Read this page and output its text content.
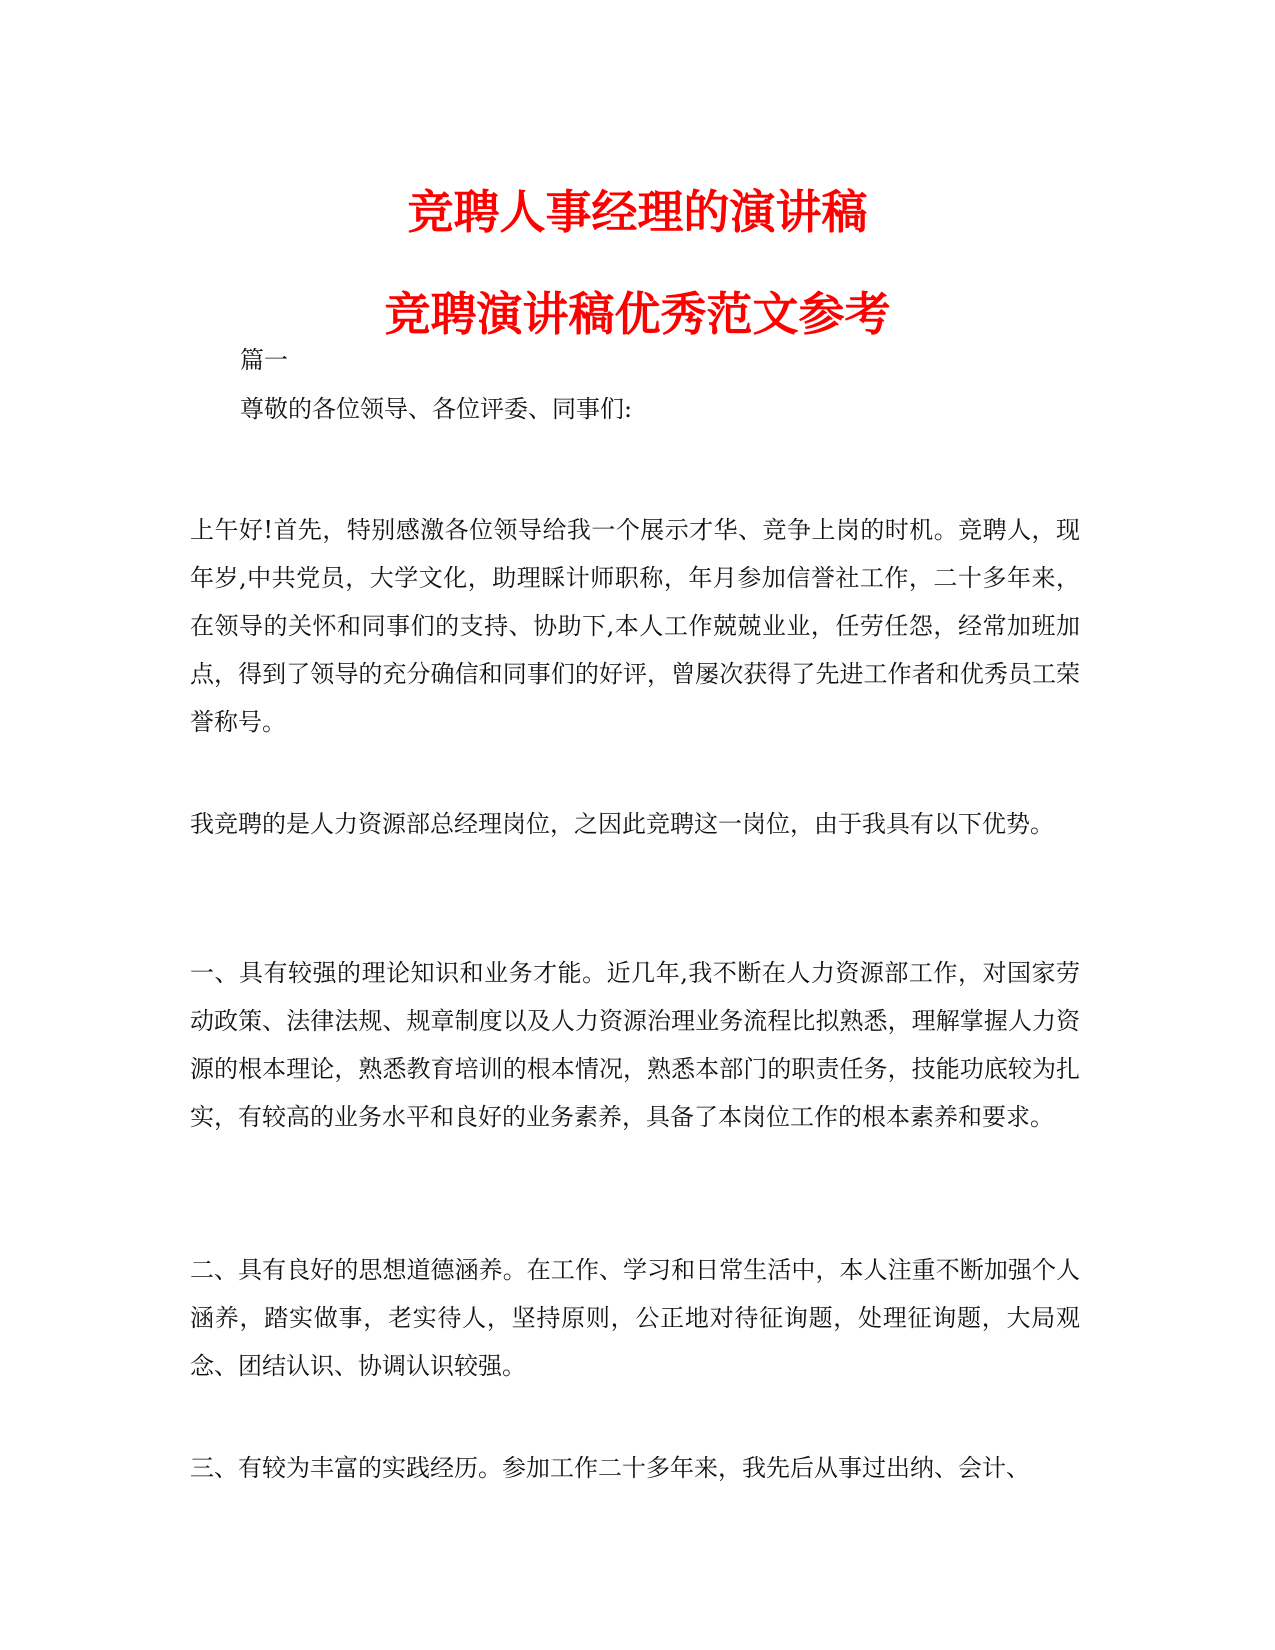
竞聘人事经理的演讲稿
竞聘演讲稿优秀范文参考
篇一
尊敬的各位领导、各位评委、同事们:
上午好!首先，特别感激各位领导给我一个展示才华、竞争上岗的时机。竞聘人，现年岁,中共党员，大学文化，助理睬计师职称，年月参加信誉社工作，二十多年来，在领导的关怀和同事们的支持、协助下,本人工作兢兢业业，任劳任怨，经常加班加点，得到了领导的充分确信和同事们的好评，曾屡次获得了先进工作者和优秀员工荣誉称号。
我竞聘的是人力资源部总经理岗位，之因此竞聘这一岗位，由于我具有以下优势。
一、具有较强的理论知识和业务才能。近几年,我不断在人力资源部工作，对国家劳动政策、法律法规、规章制度以及人力资源治理业务流程比拟熟悉，理解掌握人力资源的根本理论，熟悉教育培训的根本情况，熟悉本部门的职责任务，技能功底较为扎实，有较高的业务水平和良好的业务素养，具备了本岗位工作的根本素养和要求。
二、具有良好的思想道德涵养。在工作、学习和日常生活中，本人注重不断加强个人涵养，踏实做事，老实待人，坚持原则，公正地对待征询题，处理征询题，大局观念、团结认识、协调认识较强。
三、有较为丰富的实践经历。参加工作二十多年来，我先后从事过出纳、会计、
